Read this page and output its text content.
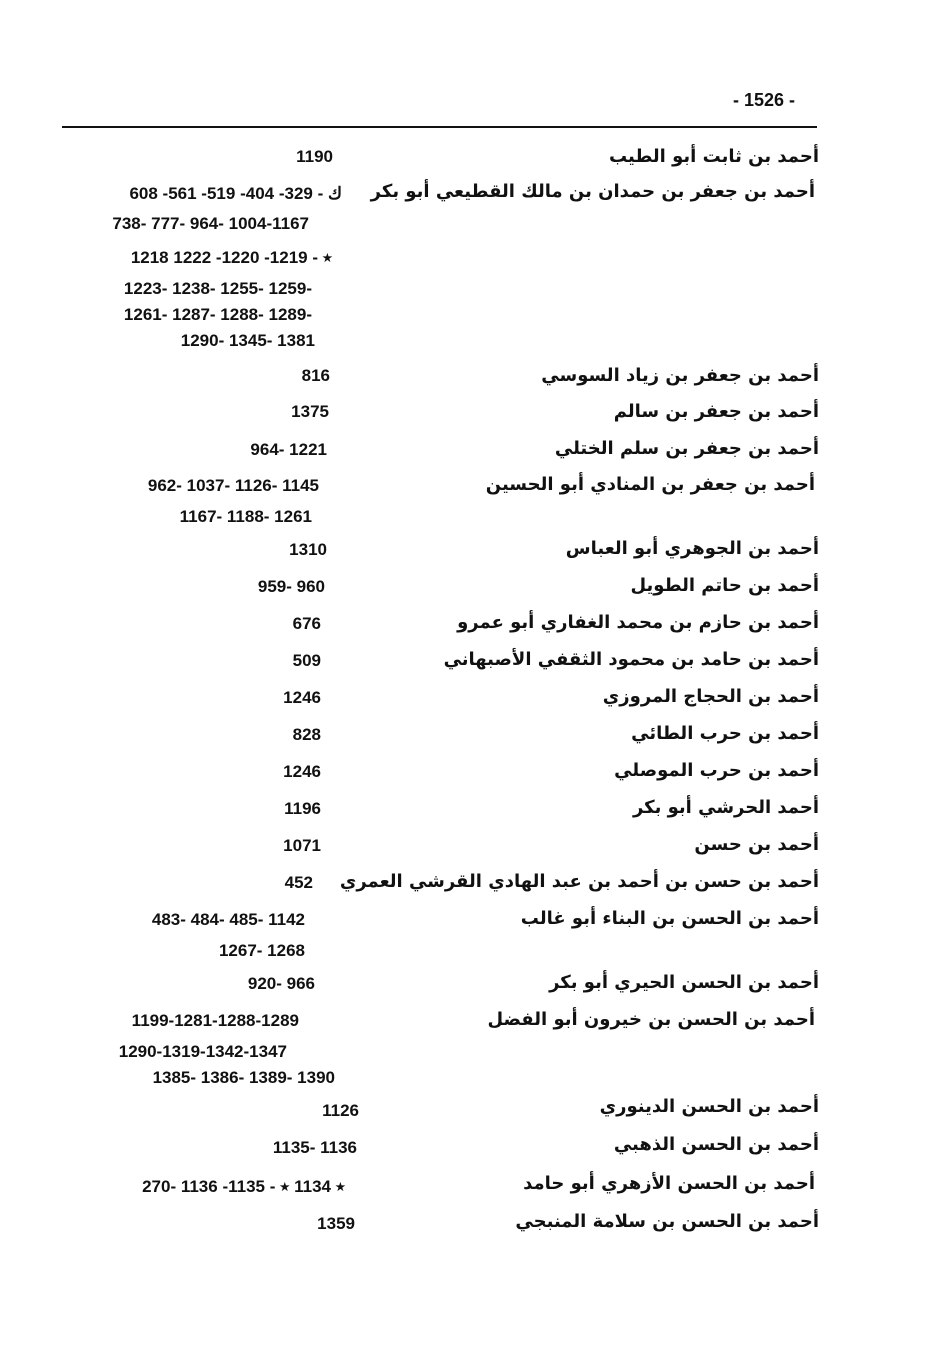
- 1526 -
أحمد بن ثابت أبو الطيب
1190
أحمد بن جعفر بن حمدان بن مالك القطيعي أبو بكر
ك - 329- 404- 519- 561- 608
738- 777- 964- 1004-1167
1218 ٭ - 1219- 1220- 1222
1223- 1238- 1255- 1259-
1261- 1287- 1288- 1289-
1290- 1345- 1381
أحمد بن جعفر بن زياد السوسي
816
أحمد بن جعفر بن سالم
1375
أحمد بن جعفر بن سلم الختلي
964- 1221
أحمد بن جعفر بن المنادي أبو الحسين
962- 1037- 1126- 1145
1167- 1188- 1261
أحمد بن الجوهري أبو العباس
1310
أحمد بن حاتم الطويل
959- 960
أحمد بن حازم بن محمد الغفاري أبو عمرو
676
أحمد بن حامد بن محمود الثقفي الأصبهاني
509
أحمد بن الحجاج المروزي
1246
أحمد بن حرب الطائي
828
أحمد بن حرب الموصلي
1246
أحمد الحرشي أبو بكر
1196
أحمد بن حسن
1071
أحمد بن حسن بن أحمد بن عبد الهادي القرشي العمري
452
أحمد بن الحسن بن البناء أبو غالب
483- 484- 485- 1142
1267- 1268
أحمد بن الحسن الحيري أبو بكر
920- 966
أحمد بن الحسن بن خيرون أبو الفضل
1199-1281-1288-1289
1290-1319-1342-1347
1385- 1386- 1389- 1390
أحمد بن الحسن الدينوري
1126
أحمد بن الحسن الذهبي
1135- 1136
أحمد بن الحسن الأزهري أبو حامد
270- ٭ 1134 ٭ - 1135- 1136
أحمد بن الحسن بن سلامة المنبجي
1359
